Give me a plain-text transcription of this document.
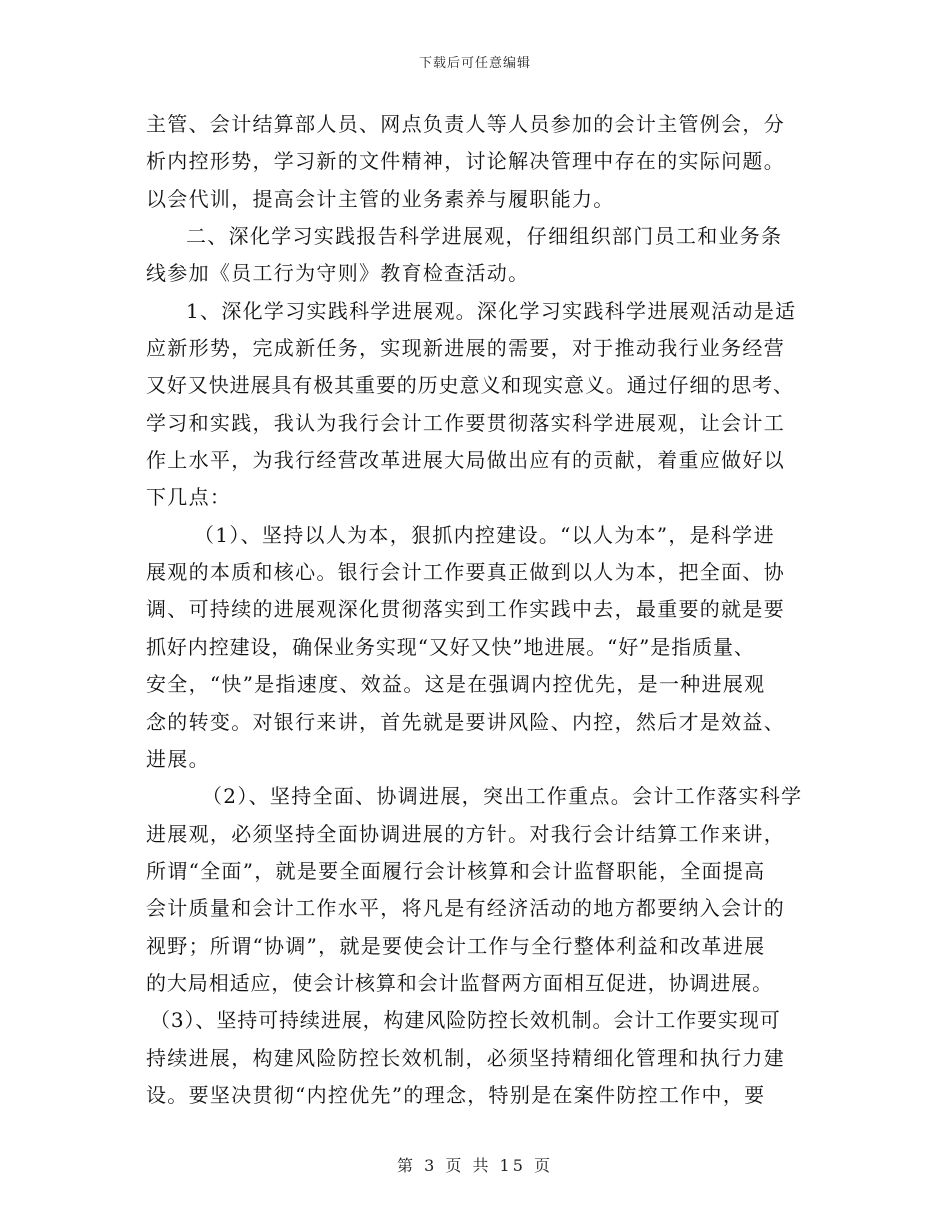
下载后可任意编辑
主管、会计结算部人员、网点负责人等人员参加的会计主管例会，分
析内控形势，学习新的文件精神，讨论解决管理中存在的实际问题。
以会代训，提高会计主管的业务素养与履职能力。
二、深化学习实践报告科学进展观，仔细组织部门员工和业务条
线参加《员工行为守则》教育检查活动。
1、深化学习实践科学进展观。深化学习实践科学进展观活动是适
应新形势，完成新任务，实现新进展的需要，对于推动我行业务经营
又好又快进展具有极其重要的历史意义和现实意义。通过仔细的思考、
学习和实践，我认为我行会计工作要贯彻落实科学进展观，让会计工
作上水平，为我行经营改革进展大局做出应有的贡献，着重应做好以
下几点：
（1）、坚持以人为本，狠抓内控建设。“以人为本”，是科学进
展观的本质和核心。银行会计工作要真正做到以人为本，把全面、协
调、可持续的进展观深化贯彻落实到工作实践中去，最重要的就是要
抓好内控建设，确保业务实现“又好又快”地进展。“好”是指质量、
安全，“快”是指速度、效益。这是在强调内控优先，是一种进展观
念的转变。对银行来讲，首先就是要讲风险、内控，然后才是效益、
进展。
（2）、坚持全面、协调进展，突出工作重点。会计工作落实科学
进展观，必须坚持全面协调进展的方针。对我行会计结算工作来讲，
所谓“全面”，就是要全面履行会计核算和会计监督职能，全面提高
会计质量和会计工作水平，将凡是有经济活动的地方都要纳入会计的
视野；所谓“协调”，就是要使会计工作与全行整体利益和改革进展
的大局相适应，使会计核算和会计监督两方面相互促进，协调进展。
（3）、坚持可持续进展，构建风险防控长效机制。会计工作要实现可
持续进展，构建风险防控长效机制，必须坚持精细化管理和执行力建
设。要坚决贯彻“内控优先”的理念，特别是在案件防控工作中，要
第 3 页 共 15 页
